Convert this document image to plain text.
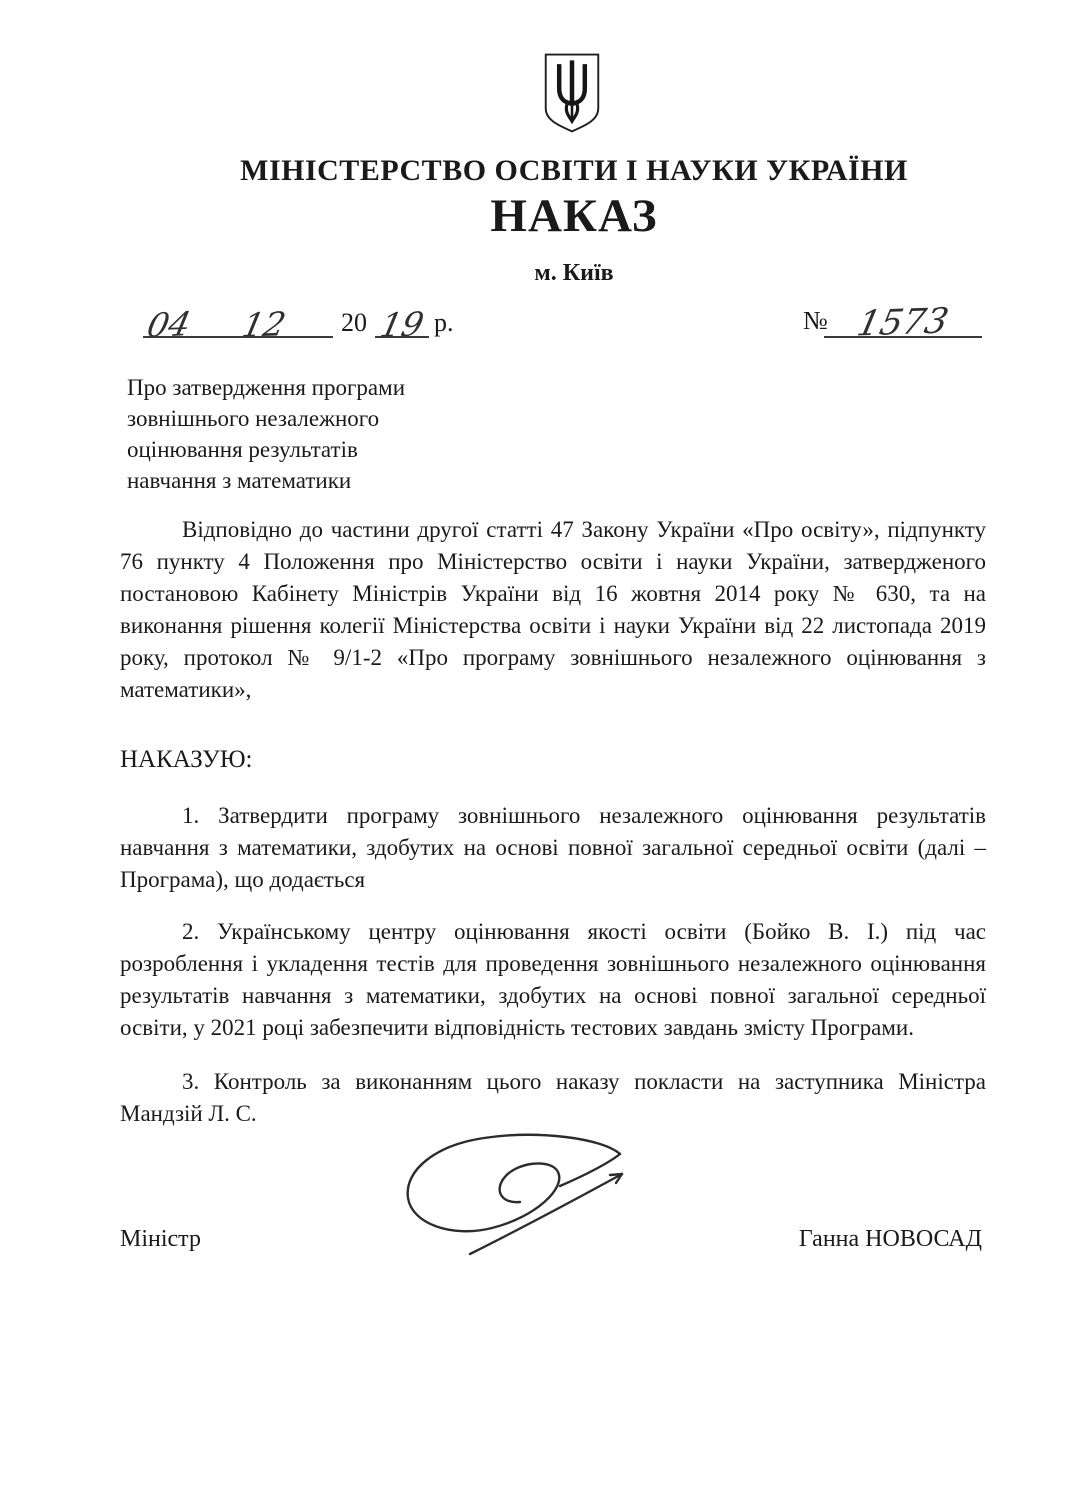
МІНІСТЕРСТВО ОСВІТИ І НАУКИ УКРАЇНИ
НАКАЗ
м. Київ
04 12 20 19 р.	№ 1573
Про затвердження програми
зовнішнього незалежного
оцінювання результатів
навчання з математики
Відповідно до частини другої статті 47 Закону України «Про освіту», підпункту 76 пункту 4 Положення про Міністерство освіти і науки України, затвердженого постановою Кабінету Міністрів України від 16 жовтня 2014 року № 630, та на виконання рішення колегії Міністерства освіти і науки України від 22 листопада 2019 року, протокол № 9/1-2 «Про програму зовнішнього незалежного оцінювання з математики»,
НАКАЗУЮ:
1. Затвердити програму зовнішнього незалежного оцінювання результатів навчання з математики, здобутих на основі повної загальної середньої освіти (далі – Програма), що додається
2. Українському центру оцінювання якості освіти (Бойко В. І.) під час розроблення і укладення тестів для проведення зовнішнього незалежного оцінювання результатів навчання з математики, здобутих на основі повної загальної середньої освіти, у 2021 році забезпечити відповідність тестових завдань змісту Програми.
3. Контроль за виконанням цього наказу покласти на заступника Міністра Мандзій Л. С.
Міністр	Ганна НОВОСАД
